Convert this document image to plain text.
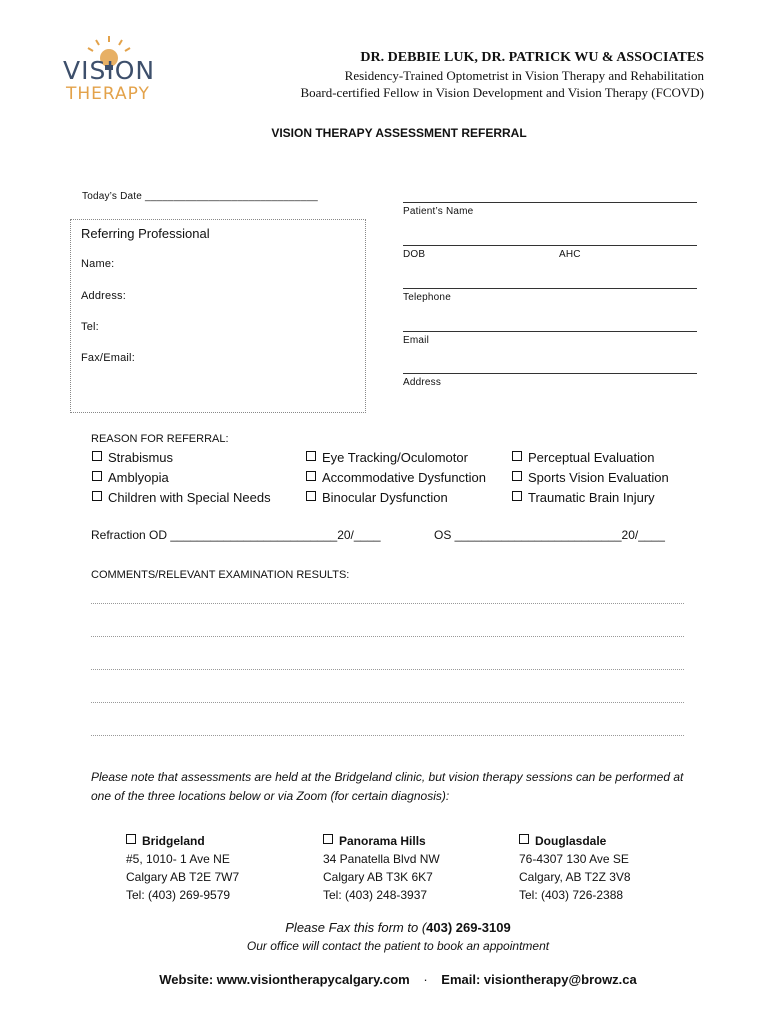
VISION
THERAPY
DR. DEBBIE LUK, DR. PATRICK WU & ASSOCIATES
Residency-Trained Optometrist in Vision Therapy and Rehabilitation
Board-certified Fellow in Vision Development and Vision Therapy (FCOVD)
VISION THERAPY ASSESSMENT REFERRAL
Today’s Date ______________________________
Referring Professional
Name:
Address:
Tel:
Fax/Email:
Patient’s Name
DOB	AHC
Telephone
Email
Address
REASON FOR REFERRAL:
Strabismus
Amblyopia
Children with Special Needs
Eye Tracking/Oculomotor
Accommodative Dysfunction
Binocular Dysfunction
Perceptual Evaluation
Sports Vision Evaluation
Traumatic Brain Injury
Refraction OD _________________________20/____	OS _________________________20/____
COMMENTS/RELEVANT EXAMINATION RESULTS:
Please note that assessments are held at the Bridgeland clinic, but vision therapy sessions can be performed at one of the three locations below or via Zoom (for certain diagnosis):
Bridgeland
#5, 1010- 1 Ave NE
Calgary AB T2E 7W7
Tel: (403) 269-9579
Panorama Hills
34 Panatella Blvd NW
Calgary AB T3K 6K7
Tel: (403) 248-3937
Douglasdale
76-4307 130 Ave SE
Calgary, AB T2Z 3V8
Tel: (403) 726-2388
Please Fax this form to (403) 269-3109
Our office will contact the patient to book an appointment
Website: www.visiontherapycalgary.com · Email: visiontherapy@browz.ca
